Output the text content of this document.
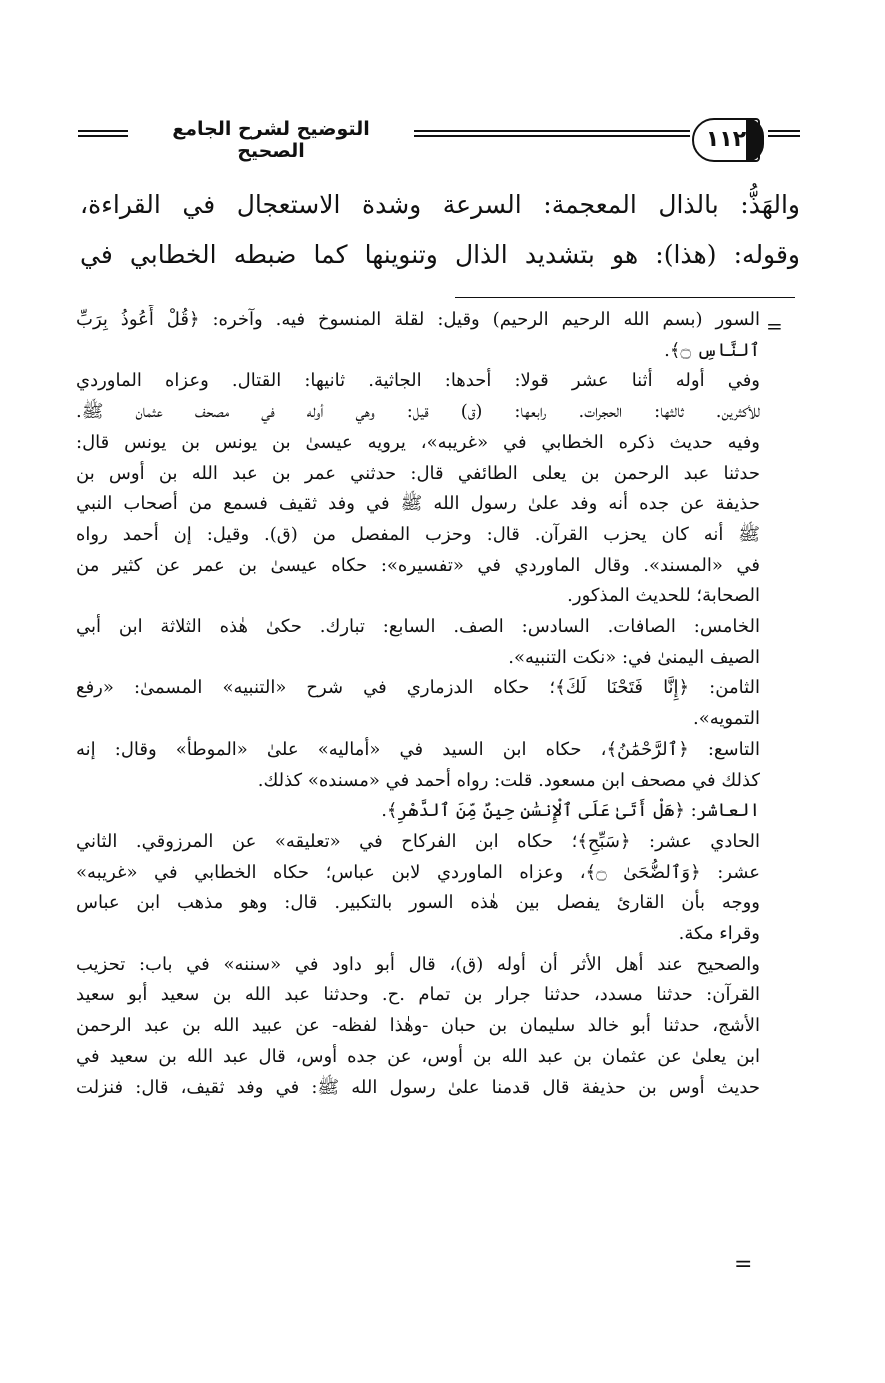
التوضيح لشرح الجامع الصحيح	١١٢

والهَذُّ: بالذال المعجمة: السرعة وشدة الاستعجال في القراءة،

وقوله: (هذا): هو بتشديد الذال وتنوينها كما ضبطه الخطابي في

=

السور (بسم الله الرحيم الرحيم) وقيل: لقلة المنسوخ فيه. وآخره: ﴿قُلْ أَعُوذُ بِرَبِّ

ٱلنَّاسِ ۝﴾.

وفي أوله أثنا عشر قولا: أحدها: الجاثية. ثانيها: القتال. وعزاه الماوردي

للأكثرين. ثالثها: الحجرات. رابعها: (ق) قيل: وهي أوله في مصحف عثمان ﷺ.

وفيه حديث ذكره الخطابي في «غريبه»، يرويه عيسىٰ بن يونس بن يونس قال:

حدثنا عبد الرحمن بن يعلى الطائفي قال: حدثني عمر بن عبد الله بن أوس بن

حذيفة عن جده أنه وفد علىٰ رسول الله ﷺ في وفد ثقيف فسمع من أصحاب النبي

ﷺ أنه كان يحزب القرآن. قال: وحزب المفصل من (ق). وقيل: إن أحمد رواه

في «المسند». وقال الماوردي في «تفسيره»: حكاه عيسىٰ بن عمر عن كثير من

الصحابة؛ للحديث المذكور.

الخامس: الصافات. السادس: الصف. السابع: تبارك. حكىٰ هٰذه الثلاثة ابن أبي

الصيف اليمنىٰ في: «نكت التنبيه».

الثامن: ﴿إِنَّا فَتَحْنَا لَكَ﴾؛ حكاه الدزماري في شرح «التنبيه» المسمىٰ: «رفع

التمويه».

التاسع: ﴿ٱلرَّحْمَٰنُ﴾، حكاه ابن السيد في «أماليه» علىٰ «الموطأ» وقال: إنه

كذلك في مصحف ابن مسعود. قلت: رواه أحمد في «مسنده» كذلك.

العاشر: ﴿هَلْ أَتَىٰ عَلَى ٱلْإِنسَٰنِ حِينٌ مِّنَ ٱلدَّهْرِ﴾.

الحادي عشر: ﴿سَبِّحِ﴾؛ حكاه ابن الفركاح في «تعليقه» عن المرزوقي. الثاني

عشر: ﴿وَٱلضُّحَىٰ ۝﴾، وعزاه الماوردي لابن عباس؛ حكاه الخطابي في «غريبه»

ووجه بأن القارئ يفصل بين هٰذه السور بالتكبير. قال: وهو مذهب ابن عباس

وقراء مكة.

والصحيح عند أهل الأثر أن أوله (ق)، قال أبو داود في «سننه» في باب: تحزيب

القرآن: حدثنا مسدد، حدثنا جرار بن تمام .ح. وحدثنا عبد الله بن سعيد أبو سعيد

الأشج، حدثنا أبو خالد سليمان بن حبان -وهٰذا لفظه- عن عبيد الله بن عبد الرحمن

ابن يعلىٰ عن عثمان بن عبد الله بن أوس، عن جده أوس، قال عبد الله بن سعيد في

حديث أوس بن حذيفة قال قدمنا علىٰ رسول الله ﷺ: في وفد ثقيف، قال: فنزلت

=
